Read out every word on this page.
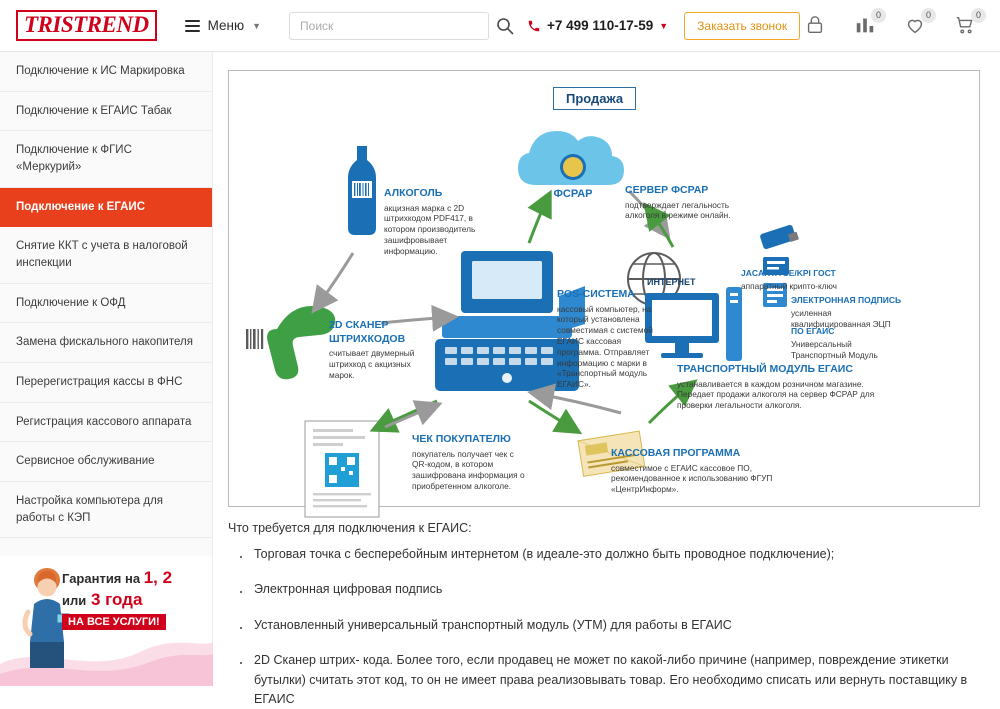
TRISTREND	Меню ▼
Поиск	+7 499 110-17-59 ▼	Заказать звонок
0	0	0
Подключение к ИС Маркировка
Подключение к ЕГАИС Табак
Подключение к ФГИС «Меркурий»
Подключение к ЕГАИС
Снятие ККТ с учета в налоговой инспекции
Подключение к ОФД
Замена фискального накопителя
Перерегистрация кассы в ФНС
Регистрация кассового аппарата
Сервисное обслуживание
Настройка компьютера для работы с КЭП
Гарантия на 1, 2
или 3 года
НА ВСЕ УСЛУГИ!
Продажа
ФСРАР
АЛКОГОЛЬ
акцизная марка с 2D штрихкодом PDF417, в котором производитель зашифровывает информацию.
2D СКАНЕР ШТРИХКОДОВ
считывает двумерный штрихкод с акцизных марок.
POS-СИСТЕМА
кассовый компьютер, на который установлена совместимая с системой ЕГАИС кассовая программа. Отправляет информацию с марки в «Транспортный модуль ЕГАИС».
СЕРВЕР ФСРАР
подтверждает легальность алкоголя в режиме онлайн.
ИНТЕРНЕТ
JACARTA SE/KPI ГОСТ
аппаратный крипто-ключ
ЭЛЕКТРОННАЯ ПОДПИСЬ
усиленная квалифицированная ЭЦП
ПО ЕГАИС
Универсальный Транспортный Модуль
ТРАНСПОРТНЫЙ МОДУЛЬ ЕГАИС
устанавливается в каждом розничном магазине. Передает продажи алкоголя на сервер ФСРАР для проверки легальности алкоголя.
КАССОВАЯ ПРОГРАММА
совместимое с ЕГАИС кассовое ПО, рекомендованное к использованию ФГУП «ЦентрИнформ».
ЧЕК ПОКУПАТЕЛЮ
покупатель получает чек с QR-кодом, в котором зашифрована информация о приобретенном алкоголе.
Что требуется для подключения к ЕГАИС:
· Торговая точка с бесперебойным интернетом (в идеале-это должно быть проводное подключение);
· Электронная цифровая подпись
· Установленный универсальный транспортный модуль (УТМ) для работы в ЕГАИС
· 2D Сканер штрих- кода. Более того, если продавец не может по какой-либо причине (например, повреждение этикетки бутылки) считать этот код, то он не имеет права реализовывать товар. Его необходимо списать или вернуть поставщику в ЕГАИС
